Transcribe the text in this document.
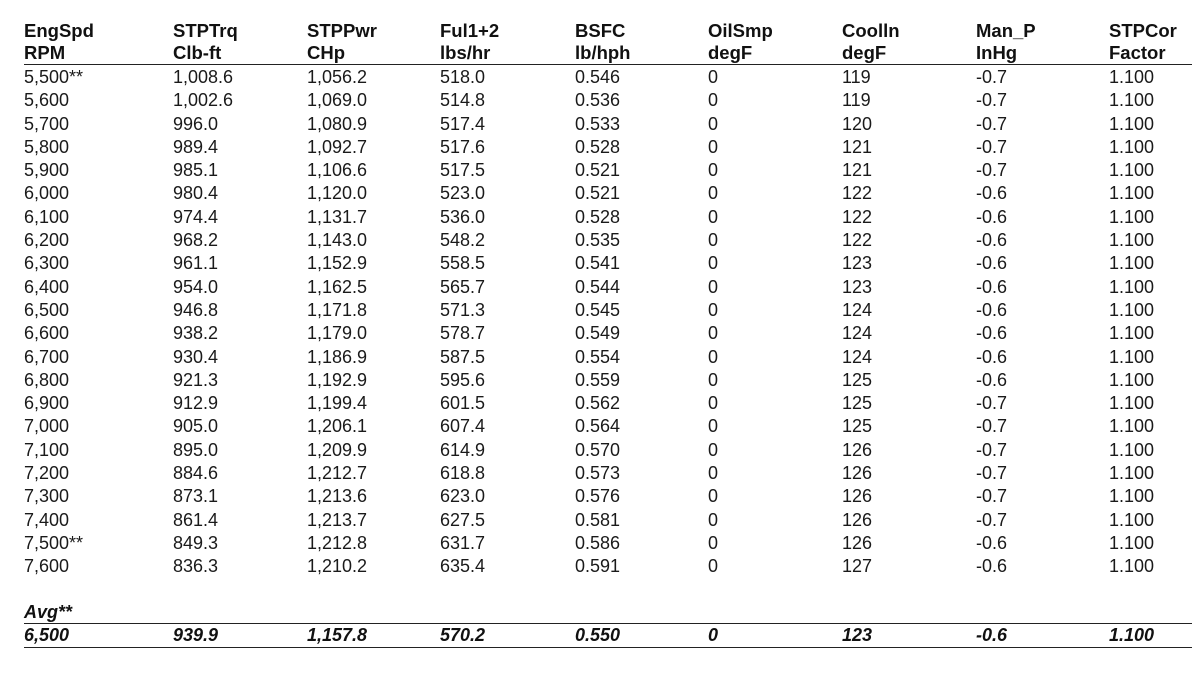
EngSpd	STPTrq	STPPwr	Ful1+2	BSFC	OilSmp	Coolln	Man_P	STPCor
RPM	Clb-ft	CHp	lbs/hr	lb/hph	degF	degF	InHg	Factor
5,500**	1,008.6	1,056.2	518.0	0.546	0	119	-0.7	1.100
5,600	1,002.6	1,069.0	514.8	0.536	0	119	-0.7	1.100
5,700	996.0	1,080.9	517.4	0.533	0	120	-0.7	1.100
5,800	989.4	1,092.7	517.6	0.528	0	121	-0.7	1.100
5,900	985.1	1,106.6	517.5	0.521	0	121	-0.7	1.100
6,000	980.4	1,120.0	523.0	0.521	0	122	-0.6	1.100
6,100	974.4	1,131.7	536.0	0.528	0	122	-0.6	1.100
6,200	968.2	1,143.0	548.2	0.535	0	122	-0.6	1.100
6,300	961.1	1,152.9	558.5	0.541	0	123	-0.6	1.100
6,400	954.0	1,162.5	565.7	0.544	0	123	-0.6	1.100
6,500	946.8	1,171.8	571.3	0.545	0	124	-0.6	1.100
6,600	938.2	1,179.0	578.7	0.549	0	124	-0.6	1.100
6,700	930.4	1,186.9	587.5	0.554	0	124	-0.6	1.100
6,800	921.3	1,192.9	595.6	0.559	0	125	-0.6	1.100
6,900	912.9	1,199.4	601.5	0.562	0	125	-0.7	1.100
7,000	905.0	1,206.1	607.4	0.564	0	125	-0.7	1.100
7,100	895.0	1,209.9	614.9	0.570	0	126	-0.7	1.100
7,200	884.6	1,212.7	618.8	0.573	0	126	-0.7	1.100
7,300	873.1	1,213.6	623.0	0.576	0	126	-0.7	1.100
7,400	861.4	1,213.7	627.5	0.581	0	126	-0.7	1.100
7,500**	849.3	1,212.8	631.7	0.586	0	126	-0.6	1.100
7,600	836.3	1,210.2	635.4	0.591	0	127	-0.6	1.100
Avg**
6,500	939.9	1,157.8	570.2	0.550	0	123	-0.6	1.100
